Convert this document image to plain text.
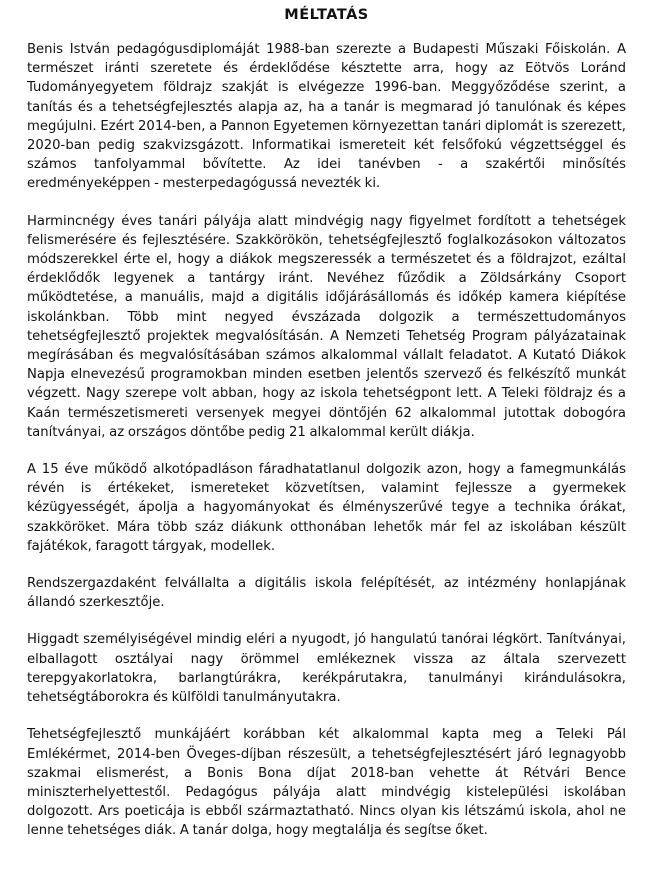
MÉLTATÁS

Benis István pedagógusdiplomáját 1988-ban szerezte a Budapesti Műszaki Főiskolán. A természet iránti szeretete és érdeklődése késztette arra, hogy az Eötvös Loránd Tudományegyetem földrajz szakját is elvégezze 1996-ban. Meggyőződése szerint, a tanítás és a tehetségfejlesztés alapja az, ha a tanár is megmarad jó tanulónak és képes megújulni. Ezért 2014-ben, a Pannon Egyetemen környezettan tanári diplomát is szerezett, 2020-ban pedig szakvizsgázott. Informatikai ismereteit két felsőfokú végzettséggel és számos tanfolyammal bővítette. Az idei tanévben - a szakértői minősítés eredményeképpen - mesterpedagógussá nevezték ki.

Harmincnégy éves tanári pályája alatt mindvégig nagy figyelmet fordított a tehetségek felismerésére és fejlesztésére. Szakkörökön, tehetségfejlesztő foglalkozásokon változatos módszerekkel érte el, hogy a diákok megszeressék a természetet és a földrajzot, ezáltal érdeklődők legyenek a tantárgy iránt. Nevéhez fűződik a Zöldsárkány Csoport működtetése, a manuális, majd a digitális időjárásállomás és időkép kamera kiépítése iskolánkban. Több mint negyed évszázada dolgozik a természettudományos tehetségfejlesztő projektek megvalósításán. A Nemzeti Tehetség Program pályázatainak megírásában és megvalósításában számos alkalommal vállalt feladatot. A Kutató Diákok Napja elnevezésű programokban minden esetben jelentős szervező és felkészítő munkát végzett. Nagy szerepe volt abban, hogy az iskola tehetségpont lett. A Teleki földrajz és a Kaán természetismereti versenyek megyei döntőjén 62 alkalommal jutottak dobogóra tanítványai, az országos döntőbe pedig 21 alkalommal került diákja.

A 15 éve működő alkotópadláson fáradhatatlanul dolgozik azon, hogy a famegmunkálás révén is értékeket, ismereteket közvetítsen, valamint fejlessze a gyermekek kézügyességét, ápolja a hagyományokat és élményszerűvé tegye a technika órákat, szakköröket. Mára több száz diákunk otthonában lehetők már fel az iskolában készült fajátékok, faragott tárgyak, modellek.

Rendszergazdaként felvállalta a digitális iskola felépítését, az intézmény honlapjának állandó szerkesztője.

Higgadt személyiségével mindig eléri a nyugodt, jó hangulatú tanórai légkört. Tanítványai, elballagott osztályai nagy örömmel emlékeznek vissza az általa szervezett terepgyakorlatokra, barlangtúrákra, kerékpárutakra, tanulmányi kirándulásokra, tehetségtáborokra és külföldi tanulmányutakra.

Tehetségfejlesztő munkájáért korábban két alkalommal kapta meg a Teleki Pál Emlékérmet, 2014-ben Öveges-díjban részesült, a tehetségfejlesztésért járó legnagyobb szakmai elismerést, a Bonis Bona díjat 2018-ban vehette át Rétvári Bence miniszterhelyettestől. Pedagógus pályája alatt mindvégig kistelepülési iskolában dolgozott. Ars poeticája is ebből származtatható. Nincs olyan kis létszámú iskola, ahol ne lenne tehetséges diák. A tanár dolga, hogy megtalálja és segítse őket.
